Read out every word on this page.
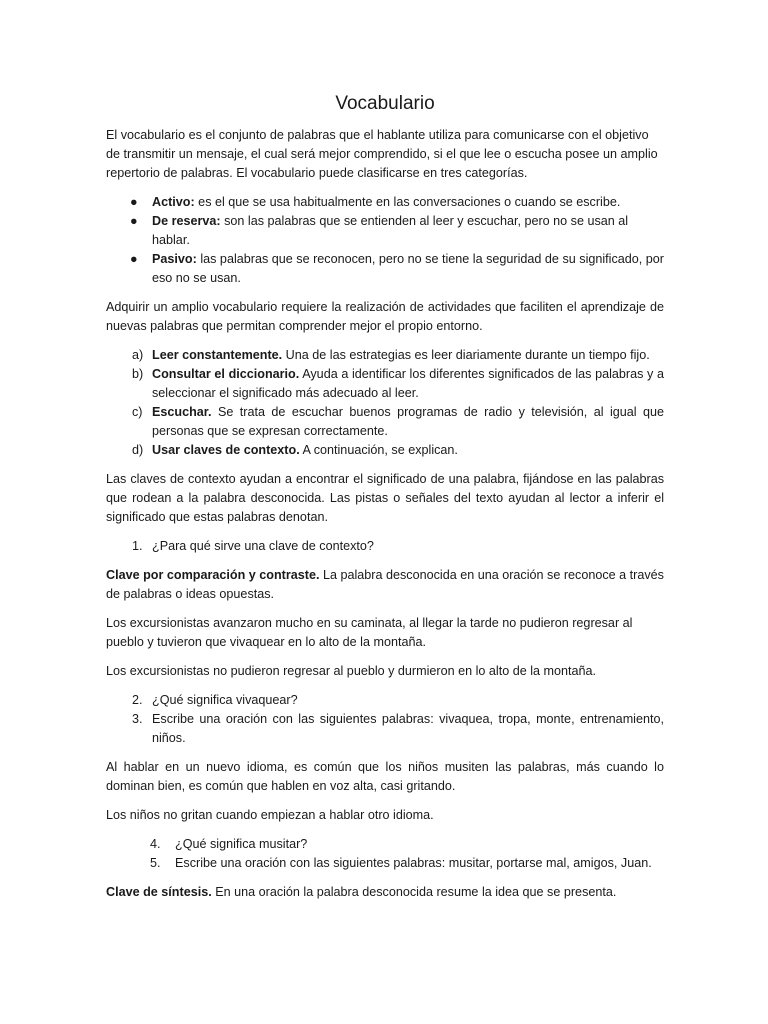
Vocabulario

El vocabulario es el conjunto de palabras que el hablante utiliza para comunicarse con el objetivo de transmitir un mensaje, el cual será mejor comprendido, si el que lee o escucha posee un amplio repertorio de palabras. El vocabulario puede clasificarse en tres categorías.

● Activo: es el que se usa habitualmente en las conversaciones o cuando se escribe.
● De reserva: son las palabras que se entienden al leer y escuchar, pero no se usan al hablar.
● Pasivo: las palabras que se reconocen, pero no se tiene la seguridad de su significado, por eso no se usan.

Adquirir un amplio vocabulario requiere la realización de actividades que faciliten el aprendizaje de nuevas palabras que permitan comprender mejor el propio entorno.

a) Leer constantemente. Una de las estrategias es leer diariamente durante un tiempo fijo.
b) Consultar el diccionario. Ayuda a identificar los diferentes significados de las palabras y a seleccionar el significado más adecuado al leer.
c) Escuchar. Se trata de escuchar buenos programas de radio y televisión, al igual que personas que se expresan correctamente.
d) Usar claves de contexto. A continuación, se explican.

Las claves de contexto ayudan a encontrar el significado de una palabra, fijándose en las palabras que rodean a la palabra desconocida. Las pistas o señales del texto ayudan al lector a inferir el significado que estas palabras denotan.

1. ¿Para qué sirve una clave de contexto?

Clave por comparación y contraste. La palabra desconocida en una oración se reconoce a través de palabras o ideas opuestas.

Los excursionistas avanzaron mucho en su caminata, al llegar la tarde no pudieron regresar al pueblo y tuvieron que vivaquear en lo alto de la montaña.

Los excursionistas no pudieron regresar al pueblo y durmieron en lo alto de la montaña.

2. ¿Qué significa vivaquear?
3. Escribe una oración con las siguientes palabras: vivaquea, tropa, monte, entrenamiento, niños.

Al hablar en un nuevo idioma, es común que los niños musiten las palabras, más cuando lo dominan bien, es común que hablen en voz alta, casi gritando.

Los niños no gritan cuando empiezan a hablar otro idioma.

4. ¿Qué significa musitar?
5. Escribe una oración con las siguientes palabras: musitar, portarse mal, amigos, Juan.

Clave de síntesis. En una oración la palabra desconocida resume la idea que se presenta.
